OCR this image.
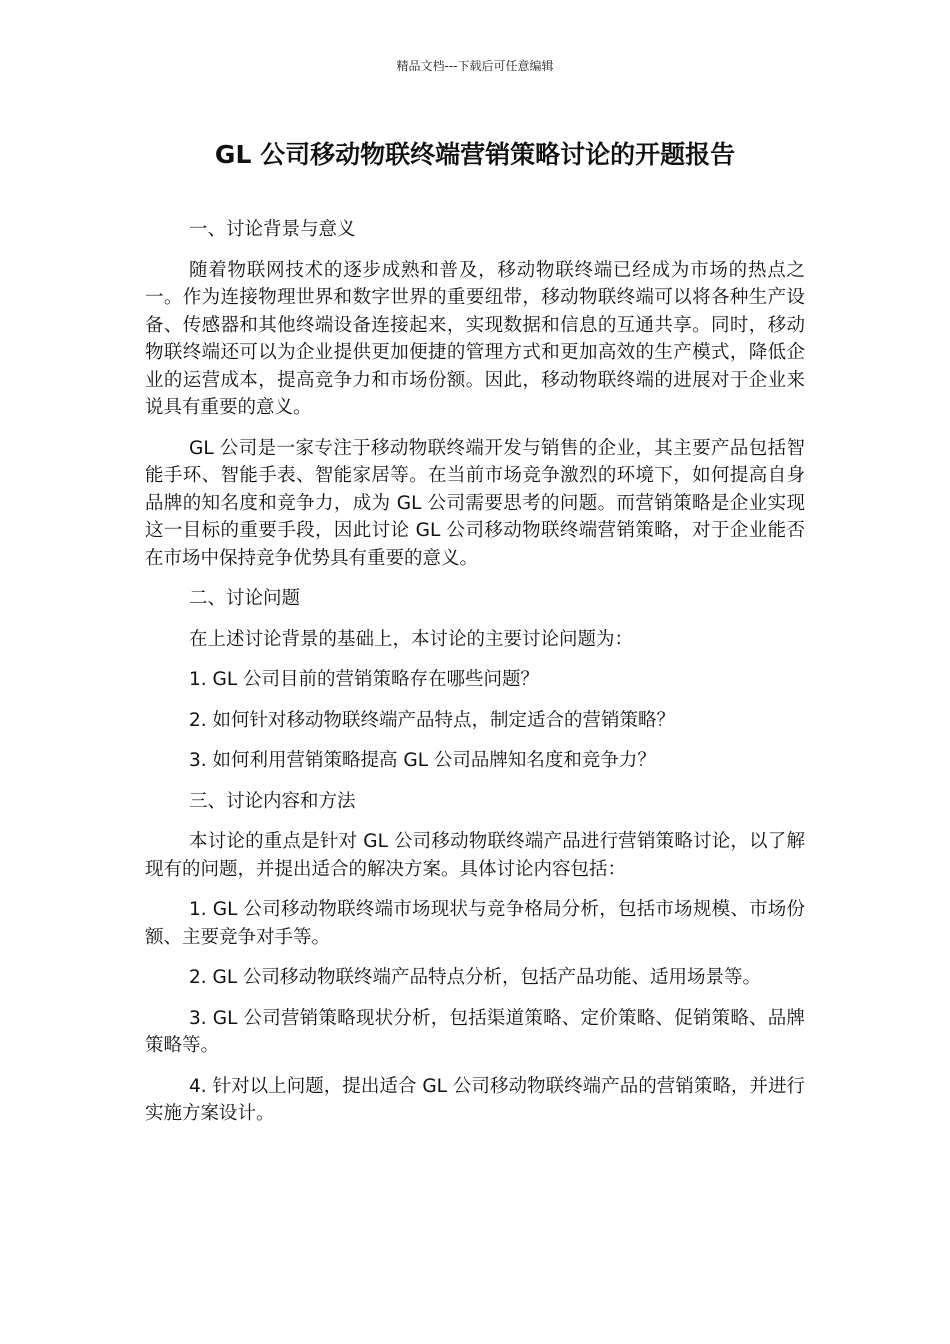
精品文档---下载后可任意编辑
GL 公司移动物联终端营销策略讨论的开题报告

一、讨论背景与意义

随着物联网技术的逐步成熟和普及，移动物联终端已经成为市场的热点之一。作为连接物理世界和数字世界的重要纽带，移动物联终端可以将各种生产设备、传感器和其他终端设备连接起来，实现数据和信息的互通共享。同时，移动物联终端还可以为企业提供更加便捷的管理方式和更加高效的生产模式，降低企业的运营成本，提高竞争力和市场份额。因此，移动物联终端的进展对于企业来说具有重要的意义。

GL 公司是一家专注于移动物联终端开发与销售的企业，其主要产品包括智能手环、智能手表、智能家居等。在当前市场竞争激烈的环境下，如何提高自身品牌的知名度和竞争力，成为 GL 公司需要思考的问题。而营销策略是企业实现这一目标的重要手段，因此讨论 GL 公司移动物联终端营销策略，对于企业能否在市场中保持竞争优势具有重要的意义。

二、讨论问题

在上述讨论背景的基础上，本讨论的主要讨论问题为：

1. GL 公司目前的营销策略存在哪些问题？

2. 如何针对移动物联终端产品特点，制定适合的营销策略？

3. 如何利用营销策略提高 GL 公司品牌知名度和竞争力？

三、讨论内容和方法

本讨论的重点是针对 GL 公司移动物联终端产品进行营销策略讨论，以了解现有的问题，并提出适合的解决方案。具体讨论内容包括：

1. GL 公司移动物联终端市场现状与竞争格局分析，包括市场规模、市场份额、主要竞争对手等。

2. GL 公司移动物联终端产品特点分析，包括产品功能、适用场景等。

3. GL 公司营销策略现状分析，包括渠道策略、定价策略、促销策略、品牌策略等。

4. 针对以上问题，提出适合 GL 公司移动物联终端产品的营销策略，并进行实施方案设计。
